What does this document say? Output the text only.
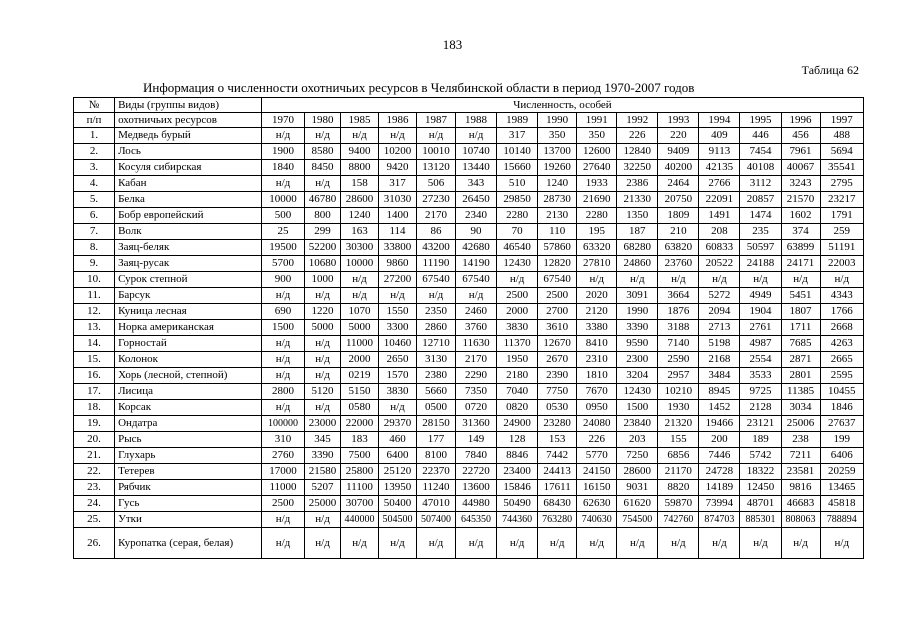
183
Таблица 62
Информация о численности охотничьих ресурсов в Челябинской области в период 1970-2007 годов
№	Виды (группы видов)	Численность, особей														
п/п	охотничьих ресурсов	1970	1980	1985	1986	1987	1988	1989	1990	1991	1992	1993	1994	1995	1996	1997
1.	Медведь бурый	н/д	н/д	н/д	н/д	н/д	н/д	317	350	350	226	220	409	446	456	488
2.	Лось	1900	8580	9400	10200	10010	10740	10140	13700	12600	12840	9409	9113	7454	7961	5694
3.	Косуля сибирская	1840	8450	8800	9420	13120	13440	15660	19260	27640	32250	40200	42135	40108	40067	35541
4.	Кабан	н/д	н/д	158	317	506	343	510	1240	1933	2386	2464	2766	3112	3243	2795
5.	Белка	10000	46780	28600	31030	27230	26450	29850	28730	21690	21330	20750	22091	20857	21570	23217
6.	Бобр европейский	500	800	1240	1400	2170	2340	2280	2130	2280	1350	1809	1491	1474	1602	1791
7.	Волк	25	299	163	114	86	90	70	110	195	187	210	208	235	374	259
8.	Заяц-беляк	19500	52200	30300	33800	43200	42680	46540	57860	63320	68280	63820	60833	50597	63899	51191
9.	Заяц-русак	5700	10680	10000	9860	11190	14190	12430	12820	27810	24860	23760	20522	24188	24171	22003
10.	Сурок степной	900	1000	н/д	27200	67540	67540	н/д	67540	н/д	н/д	н/д	н/д	н/д	н/д	н/д
11.	Барсук	н/д	н/д	н/д	н/д	н/д	н/д	2500	2500	2020	3091	3664	5272	4949	5451	4343
12.	Куница лесная	690	1220	1070	1550	2350	2460	2000	2700	2120	1990	1876	2094	1904	1807	1766
13.	Норка американская	1500	5000	5000	3300	2860	3760	3830	3610	3380	3390	3188	2713	2761	1711	2668
14.	Горностай	н/д	н/д	11000	10460	12710	11630	11370	12670	8410	9590	7140	5198	4987	7685	4263
15.	Колонок	н/д	н/д	2000	2650	3130	2170	1950	2670	2310	2300	2590	2168	2554	2871	2665
16.	Хорь (лесной, степной)	н/д	н/д	0219	1570	2380	2290	2180	2390	1810	3204	2957	3484	3533	2801	2595
17.	Лисица	2800	5120	5150	3830	5660	7350	7040	7750	7670	12430	10210	8945	9725	11385	10455
18.	Корсак	н/д	н/д	0580	н/д	0500	0720	0820	0530	0950	1500	1930	1452	2128	3034	1846
19.	Ондатра	100000	23000	22000	29370	28150	31360	24900	23280	24080	23840	21320	19466	23121	25006	27637
20.	Рысь	310	345	183	460	177	149	128	153	226	203	155	200	189	238	199
21.	Глухарь	2760	3390	7500	6400	8100	7840	8846	7442	5770	7250	6856	7446	5742	7211	6406
22.	Тетерев	17000	21580	25800	25120	22370	22720	23400	24413	24150	28600	21170	24728	18322	23581	20259
23.	Рябчик	11000	5207	11100	13950	11240	13600	15846	17611	16150	9031	8820	14189	12450	9816	13465
24.	Гусь	2500	25000	30700	50400	47010	44980	50490	68430	62630	61620	59870	73994	48701	46683	45818
25.	Утки	н/д	н/д	440000	504500	507400	645350	744360	763280	740630	754500	742760	874703	885301	808063	788894
26.	Куропатка (серая, белая)	н/д	н/д	н/д	н/д	н/д	н/д	н/д	н/д	н/д	н/д	н/д	н/д	н/д	н/д	н/д
